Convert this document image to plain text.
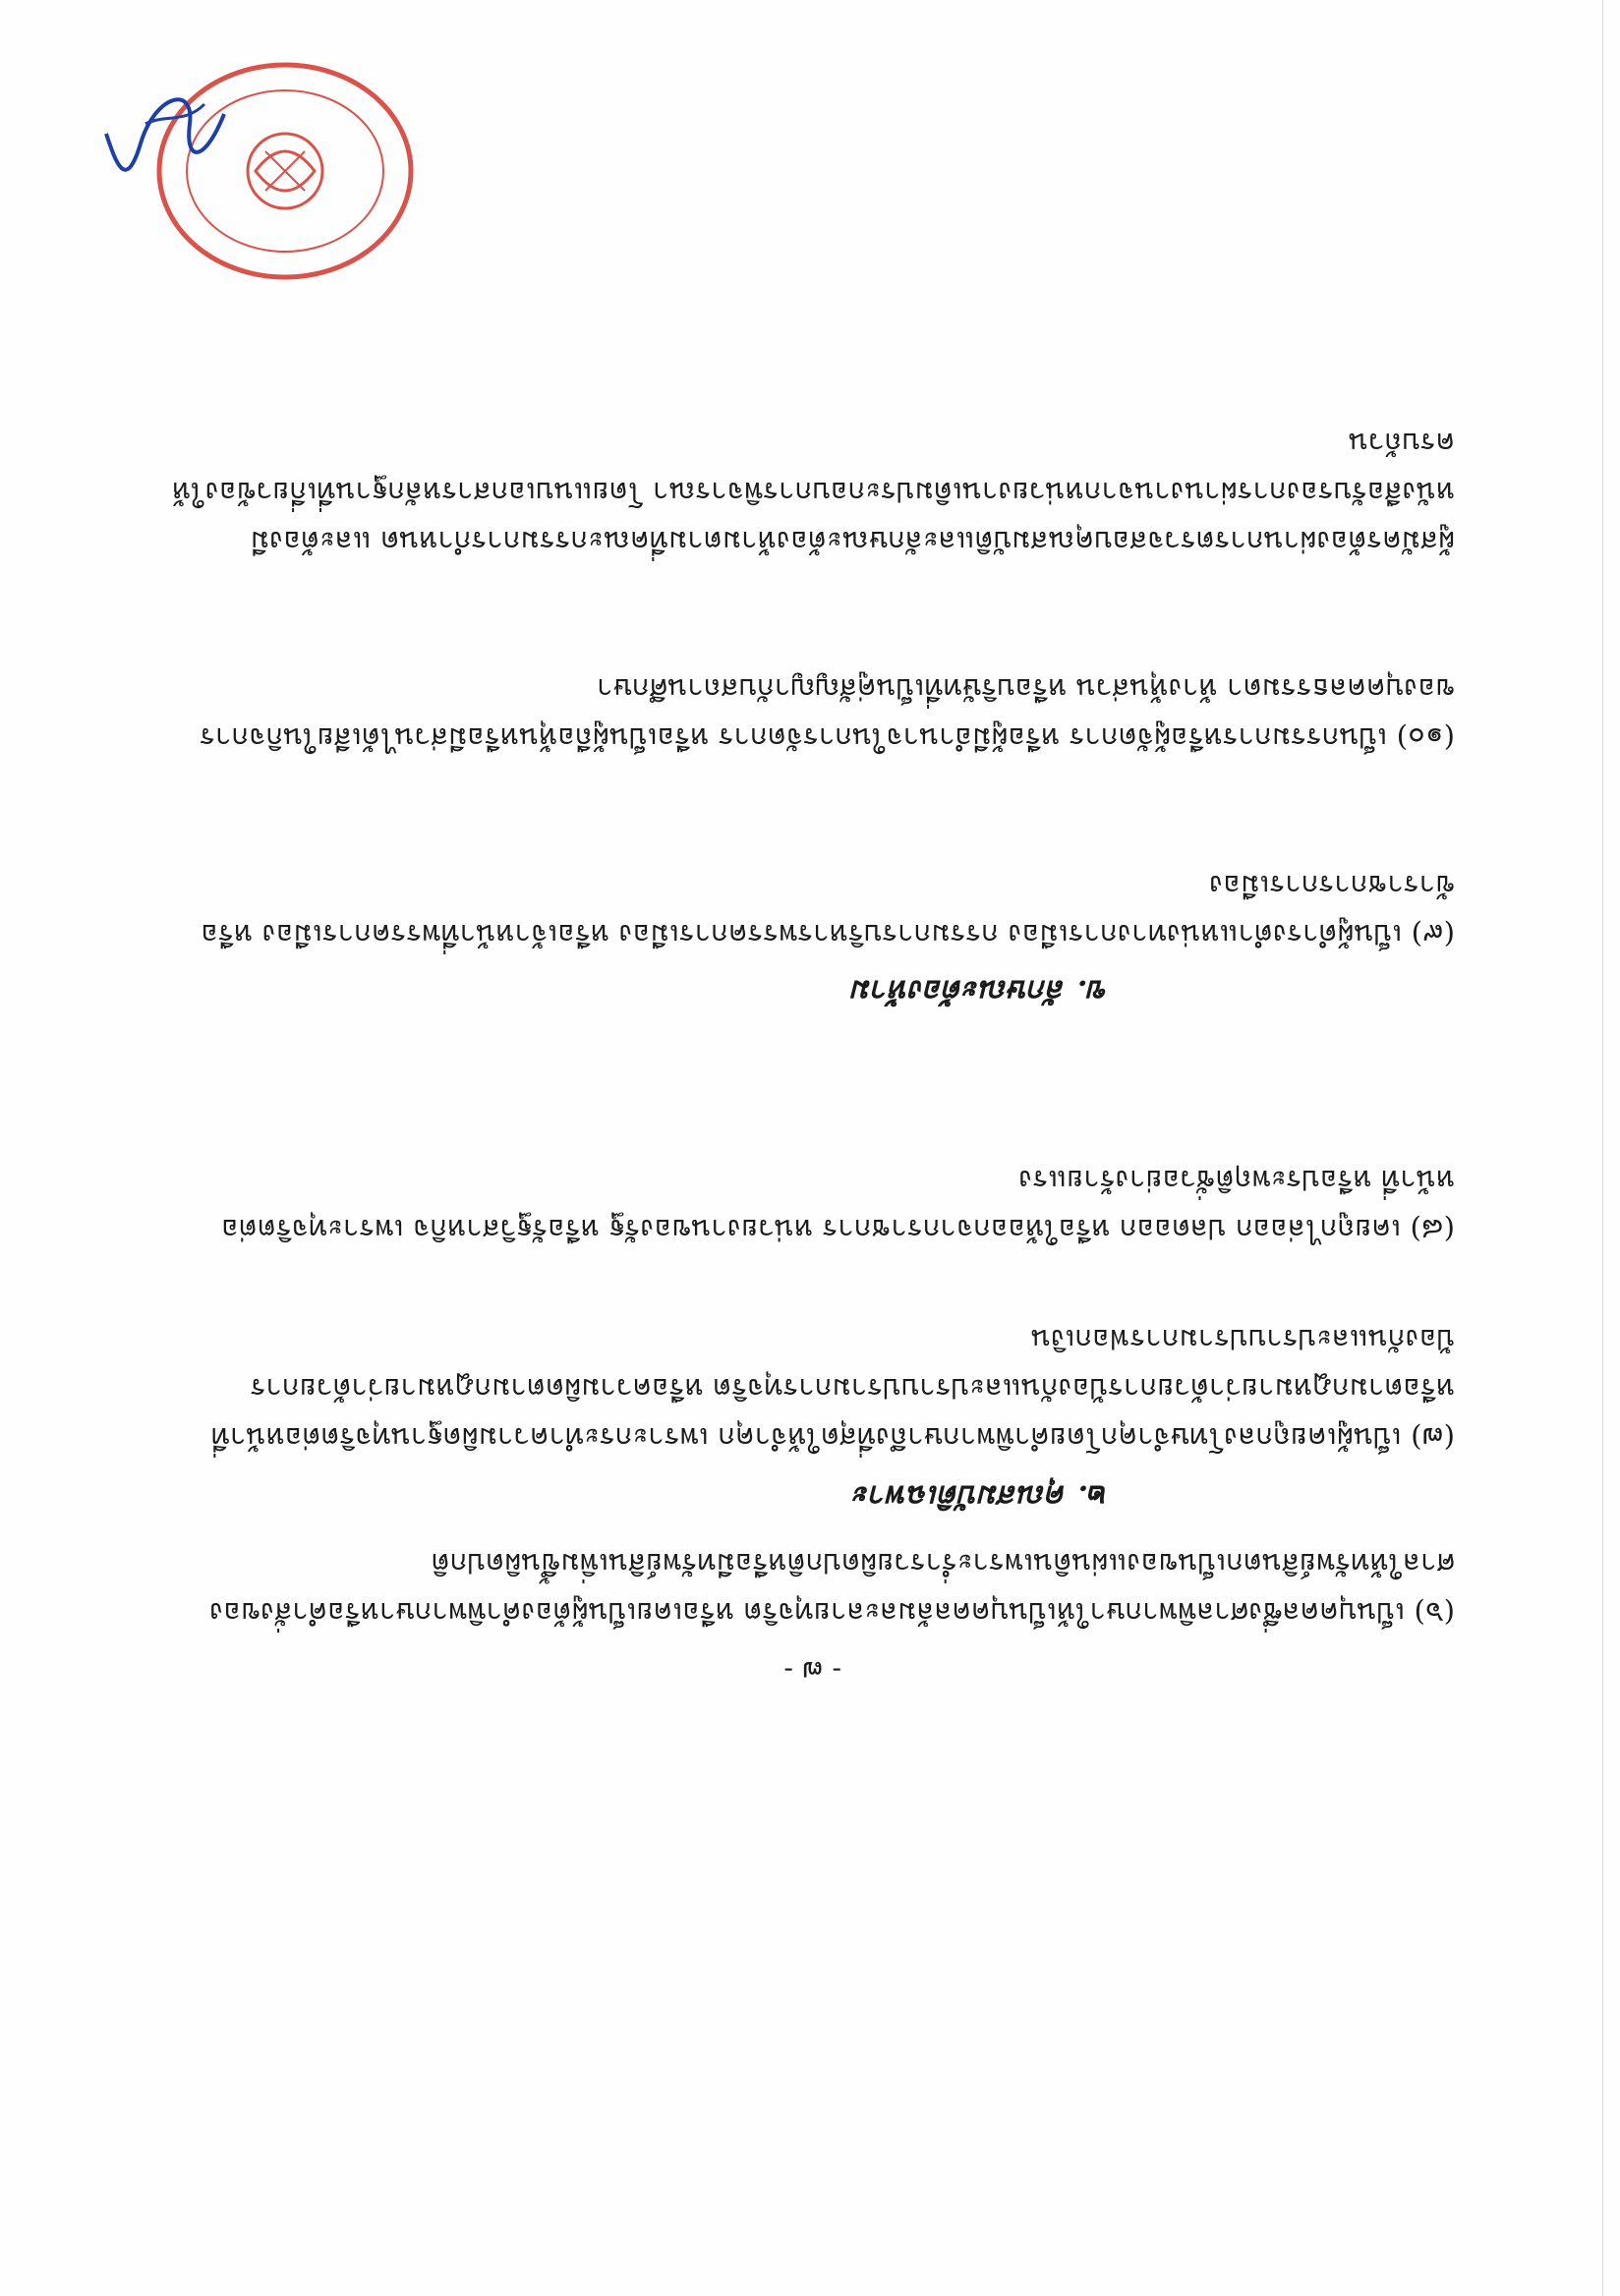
- ๗ -
(๖) เป็นบุคคลซึ่งศาลพิพากษาให้เป็นบุคคลล้มละลายทุจริต หรือเคยเป็นผู้ต้องคำพิพากษาหรือคำสั่งของศาลให้ทรัพย์สินตกเป็นของแผ่นดินเพราะร่ำรวยผิดปกติหรือมีทรัพย์สินเพิ่มขึ้นผิดปกติ
๒. คุณสมบัติเฉพาะ
(๗) เป็นผู้เคยถูกลงโทษจำคุกโดยคำพิพากษาถึงที่สุดให้จำคุก เพราะกระทำความผิดฐานทุจริตต่อหน้าที่หรือตามกฎหมายว่าด้วยการป้องกันและปราบปรามการทุจริต หรือความผิดตามกฎหมายว่าด้วยการป้องกันและปราบปรามการฟอกเงิน
(๘) เคยถูกไล่ออก ปลดออก หรือให้ออกจากราชการ หน่วยงานของรัฐ หรือรัฐวิสาหกิจ เพราะทุจริตต่อหน้าที่ หรือประพฤติชั่วอย่างร้ายแรง
ข. ลักษณะต้องห้าม
(๙) เป็นผู้ดำรงตำแหน่งทางการเมือง กรรมการบริหารพรรคการเมือง หรือเจ้าหน้าที่พรรคการเมือง หรือข้าราชการการเมือง
(๑๐) เป็นกรรมการหรือผู้จัดการ หรือผู้มีอำนาจในการจัดการ หรือเป็นผู้ถือหุ้นหรือมีส่วนได้เสียในกิจการของบุคคลธรรมดา ห้างหุ้นส่วน หรือบริษัทที่เป็นคู่สัญญากับสถานศึกษา
ผู้สมัครต้องผ่านการตรวจสอบคุณสมบัติและลักษณะต้องห้ามตามที่คณะกรรมการกำหนด และต้องมีหนังสือรับรองการผ่านงานจากหน่วยงานเดิมประกอบการพิจารณา โดยแนบเอกสารหลักฐานที่เกี่ยวข้องให้ครบถ้วน
